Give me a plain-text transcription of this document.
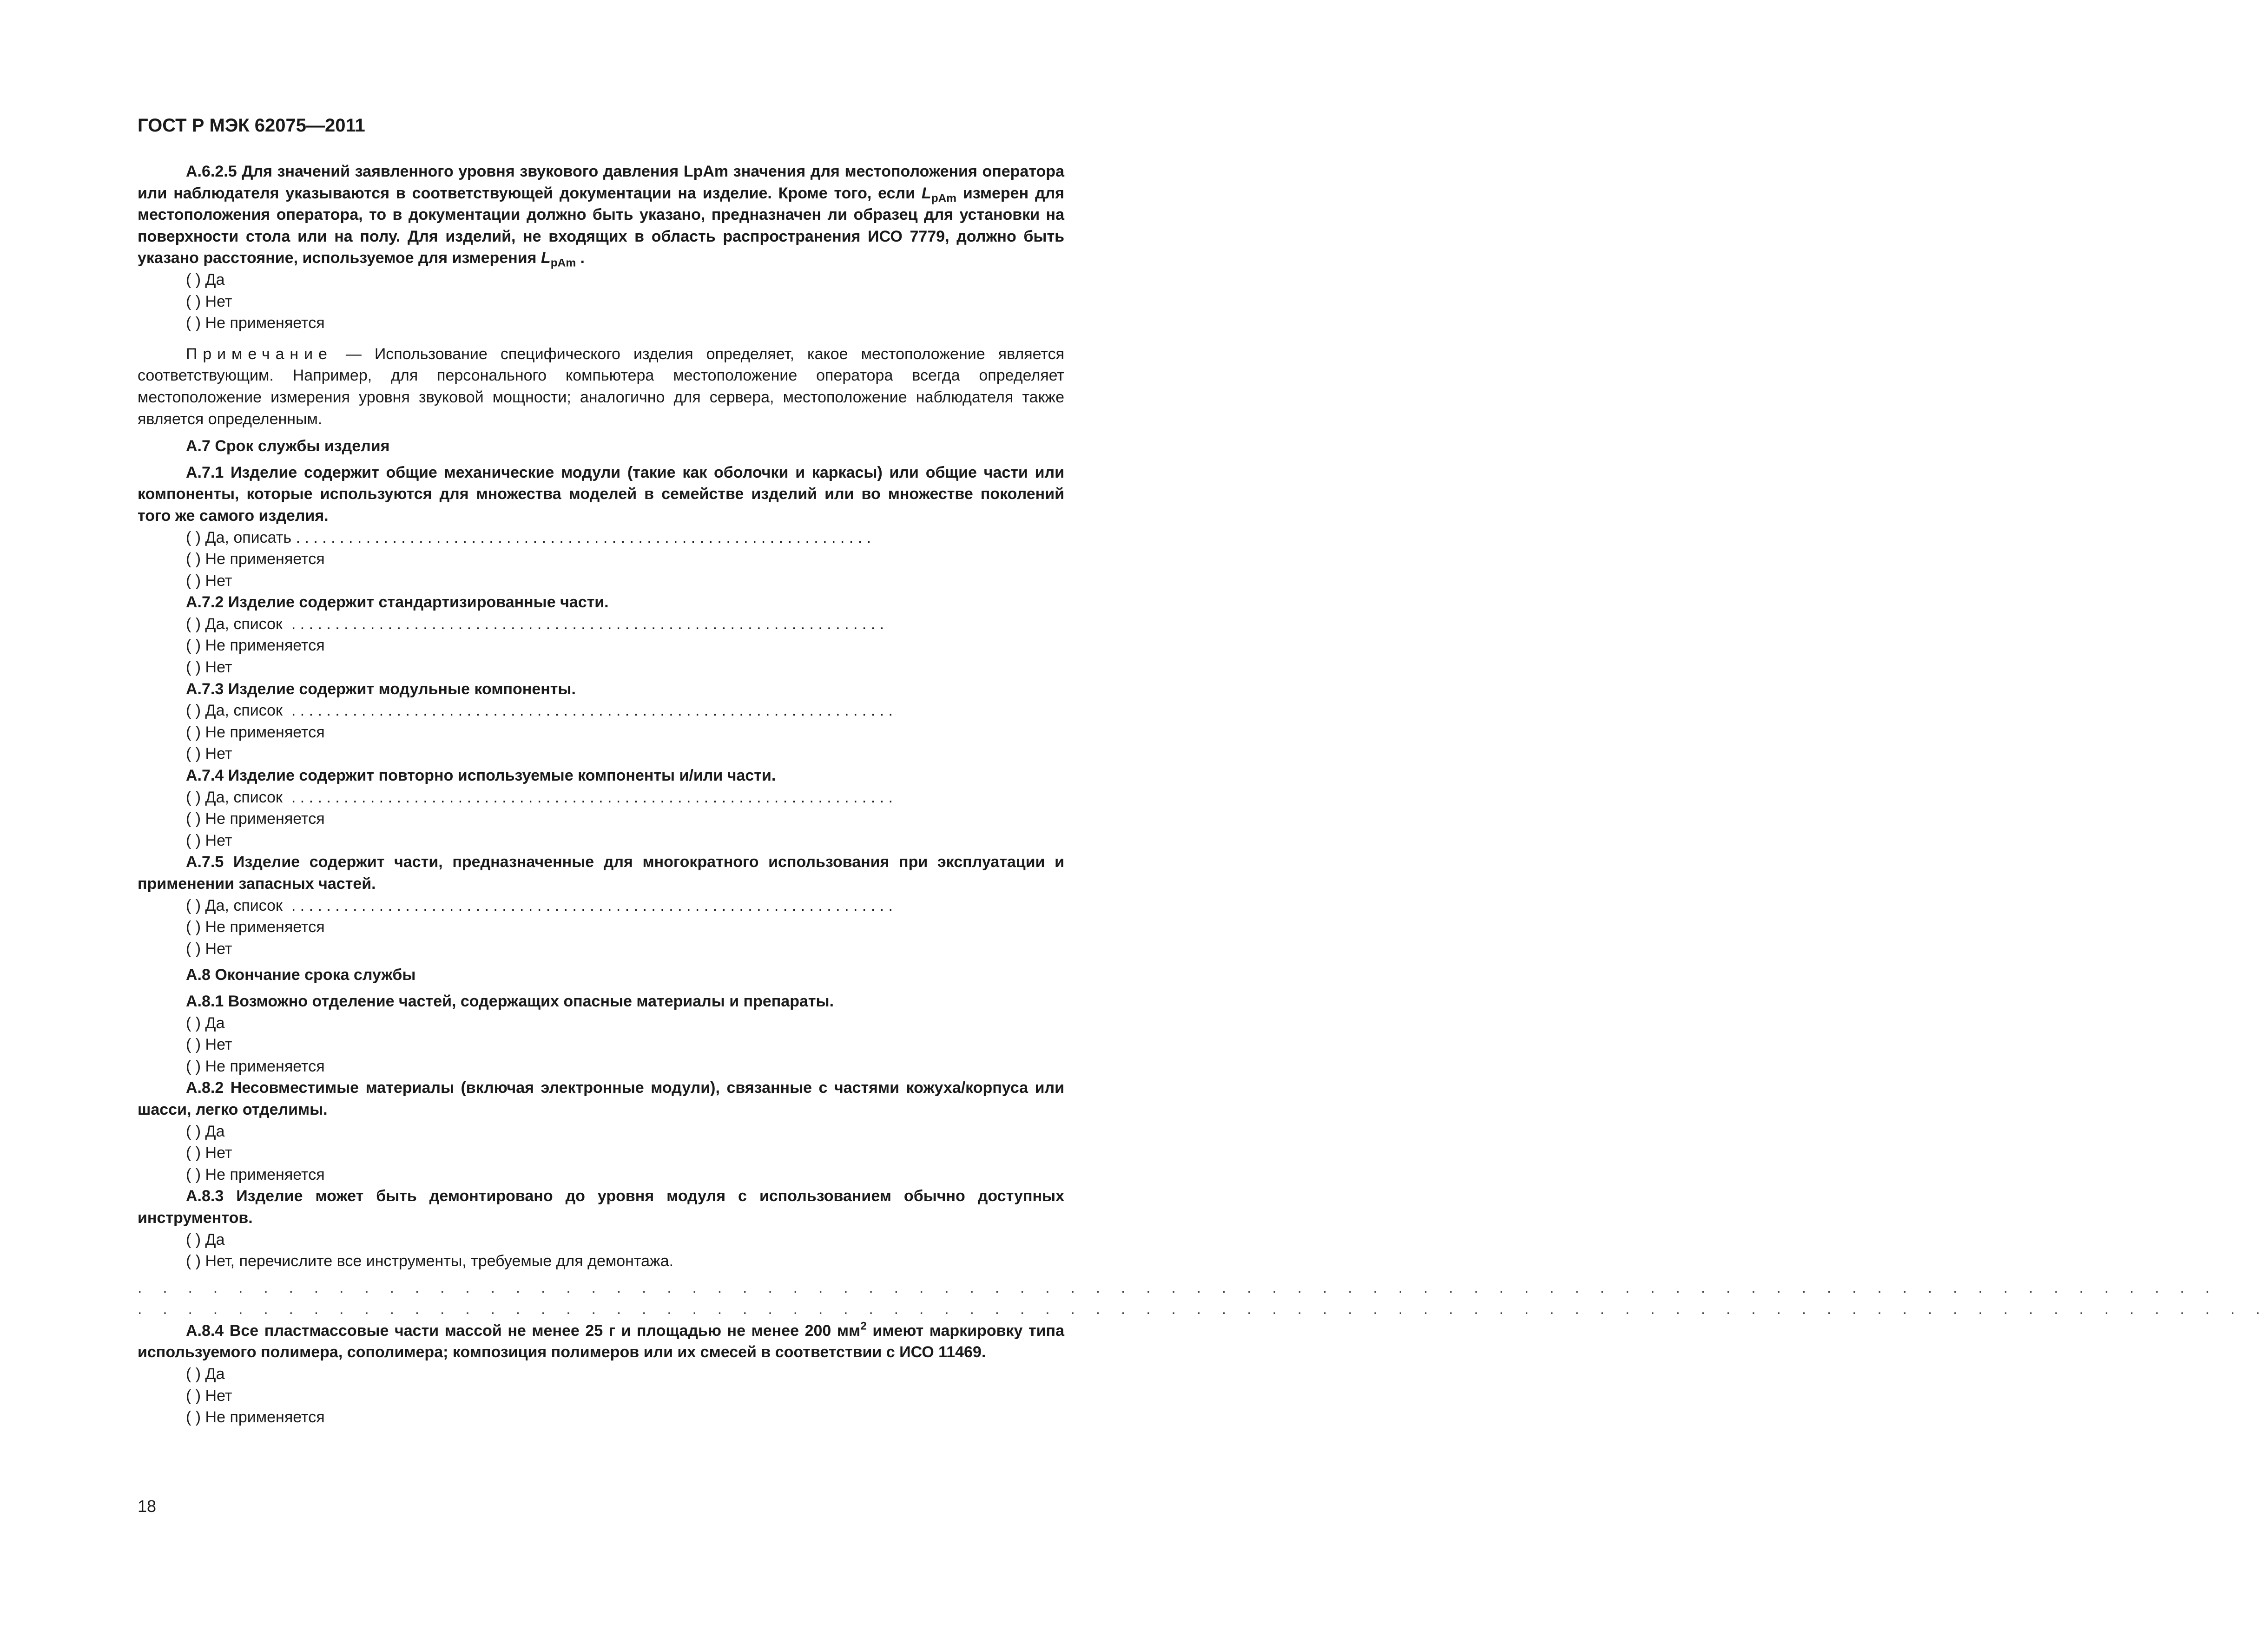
ГОСТ Р МЭК 62075—2011

А.6.2.5 Для значений заявленного уровня звукового давления LpAm значения для местоположения оператора или наблюдателя указываются в соответствующей документации на изделие. Кроме того, если $L_{pAm}$ измерен для местоположения оператора, то в документации должно быть указано, предназначен ли образец для установки на поверхности стола или на полу. Для изделий, не входящих в область распространения ИСО 7779, должно быть указано расстояние, используемое для измерения $L_{pAm}$ .

( ) Да

( ) Нет

( ) Не применяется

Примечание — Использование специфического изделия определяет, какое местоположение является соответствующим. Например, для персонального компьютера местоположение оператора всегда определяет местоположение измерения уровня звуковой мощности; аналогично для сервера, местоположение наблюдателя также является определенным.

А.7 Срок службы изделия

А.7.1 Изделие содержит общие механические модули (такие как оболочки и каркасы) или общие части или компоненты, которые используются для множества моделей в семействе изделий или во множестве поколений того же самого изделия.

( ) Да, описать . . . . . . . . . . . . . . . . . . . . . . . . . . . . . . . . . . . . . . . . . . . . . . . . . . . . . . . . . . . . . . . . . .

( ) Не применяется

( ) Нет

А.7.2 Изделие содержит стандартизированные части.

( ) Да, список  . . . . . . . . . . . . . . . . . . . . . . . . . . . . . . . . . . . . . . . . . . . . . . . . . . . . . . . . . . . . . . . . . . . .

( ) Не применяется

( ) Нет

А.7.3 Изделие содержит модульные компоненты.

( ) Да, список  . . . . . . . . . . . . . . . . . . . . . . . . . . . . . . . . . . . . . . . . . . . . . . . . . . . . . . . . . . . . . . . . . . . . .

( ) Не применяется

( ) Нет

А.7.4 Изделие содержит повторно используемые компоненты и/или части.

( ) Да, список  . . . . . . . . . . . . . . . . . . . . . . . . . . . . . . . . . . . . . . . . . . . . . . . . . . . . . . . . . . . . . . . . . . . . .

( ) Не применяется

( ) Нет

А.7.5 Изделие содержит части, предназначенные для многократного использования при эксплуатации и применении запасных частей.

( ) Да, список  . . . . . . . . . . . . . . . . . . . . . . . . . . . . . . . . . . . . . . . . . . . . . . . . . . . . . . . . . . . . . . . . . . . . .

( ) Не применяется

( ) Нет

А.8 Окончание срока службы

А.8.1 Возможно отделение частей, содержащих опасные материалы и препараты.

( ) Да

( ) Нет

( ) Не применяется

А.8.2 Несовместимые материалы (включая электронные модули), связанные с частями кожуха/корпуса или шасси, легко отделимы.

( ) Да

( ) Нет

( ) Не применяется

А.8.3 Изделие может быть демонтировано до уровня модуля с использованием обычно доступных инструментов.

( ) Да

( ) Нет, перечислите все инструменты, требуемые для демонтажа.

. . . . . . . . . . . . . . . . . . . . . . . . . . . . . . . . . . . . . . . . . . . . . . . . . . . . . . . . . . . . . . . . . . . . . . . . . . . . . . . . . . .

. . . . . . . . . . . . . . . . . . . . . . . . . . . . . . . . . . . . . . . . . . . . . . . . . . . . . . . . . . . . . . . . . . . . . . . . . . . . . . . . . . . . .

А.8.4 Все пластмассовые части массой не менее 25 г и площадью не менее 200 $мм^2$ имеют маркировку типа используемого полимера, сополимера; композиция полимеров или их смесей в соответствии с ИСО 11469.

( ) Да

( ) Нет

( ) Не применяется

18
